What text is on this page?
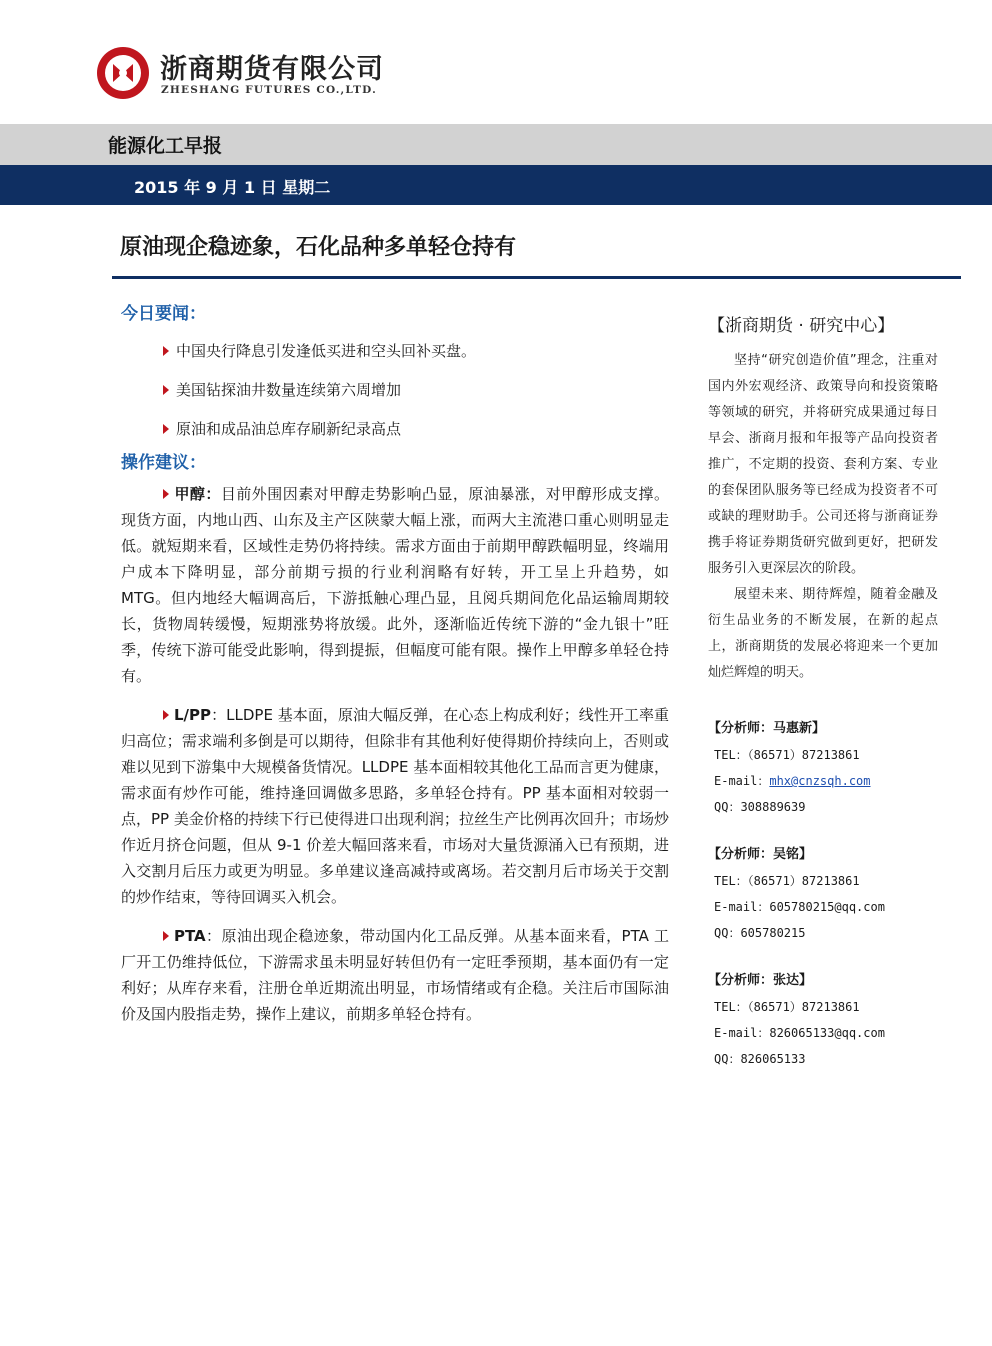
浙商期货有限公司
ZHESHANG FUTURES CO.,LTD.
能源化工早报
2015 年 9 月 1 日 星期二
原油现企稳迹象，石化品种多单轻仓持有
今日要闻：
中国央行降息引发逢低买进和空头回补买盘。
美国钻探油井数量连续第六周增加
原油和成品油总库存刷新纪录高点
操作建议：

甲醇：目前外围因素对甲醇走势影响凸显，原油暴涨，对甲醇形成支撑。现货方面，内地山西、山东及主产区陕蒙大幅上涨，而两大主流港口重心则明显走低。就短期来看，区域性走势仍将持续。需求方面由于前期甲醇跌幅明显，终端用户成本下降明显，部分前期亏损的行业利润略有好转，开工呈上升趋势，如 MTG。但内地经大幅调高后，下游抵触心理凸显，且阅兵期间危化品运输周期较长，货物周转缓慢，短期涨势将放缓。此外，逐渐临近传统下游的“金九银十”旺季，传统下游可能受此影响，得到提振，但幅度可能有限。操作上甲醇多单轻仓持有。

L/PP：LLDPE 基本面，原油大幅反弹，在心态上构成利好；线性开工率重归高位；需求端利多倒是可以期待，但除非有其他利好使得期价持续向上，否则或难以见到下游集中大规模备货情况。LLDPE 基本面相较其他化工品而言更为健康，需求面有炒作可能，维持逢回调做多思路，多单轻仓持有。PP 基本面相对较弱一点，PP 美金价格的持续下行已使得进口出现利润；拉丝生产比例再次回升；市场炒作近月挤仓问题，但从 9-1 价差大幅回落来看，市场对大量货源涌入已有预期，进入交割月后压力或更为明显。多单建议逢高减持或离场。若交割月后市场关于交割的炒作结束，等待回调买入机会。

PTA：原油出现企稳迹象，带动国内化工品反弹。从基本面来看，PTA 工厂开工仍维持低位，下游需求虽未明显好转但仍有一定旺季预期，基本面仍有一定利好；从库存来看，注册仓单近期流出明显，市场情绪或有企稳。关注后市国际油价及国内股指走势，操作上建议，前期多单轻仓持有。

【浙商期货 · 研究中心】

坚持“研究创造价值”理念，注重对国内外宏观经济、政策导向和投资策略等领域的研究，并将研究成果通过每日早会、浙商月报和年报等产品向投资者推广，不定期的投资、套利方案、专业的套保团队服务等已经成为投资者不可或缺的理财助手。公司还将与浙商证券携手将证券期货研究做到更好，把研发服务引入更深层次的阶段。

展望未来、期待辉煌，随着金融及衍生品业务的不断发展，在新的起点上，浙商期货的发展必将迎来一个更加灿烂辉煌的明天。

【分析师：马惠新】
TEL：（86571）87213861
E-mail：mhx@cnzsqh.com
QQ：308889639
【分析师：吴铭】
TEL：（86571）87213861
E-mail：605780215@qq.com
QQ：605780215
【分析师：张达】
TEL：（86571）87213861
E-mail：826065133@qq.com
QQ：826065133
